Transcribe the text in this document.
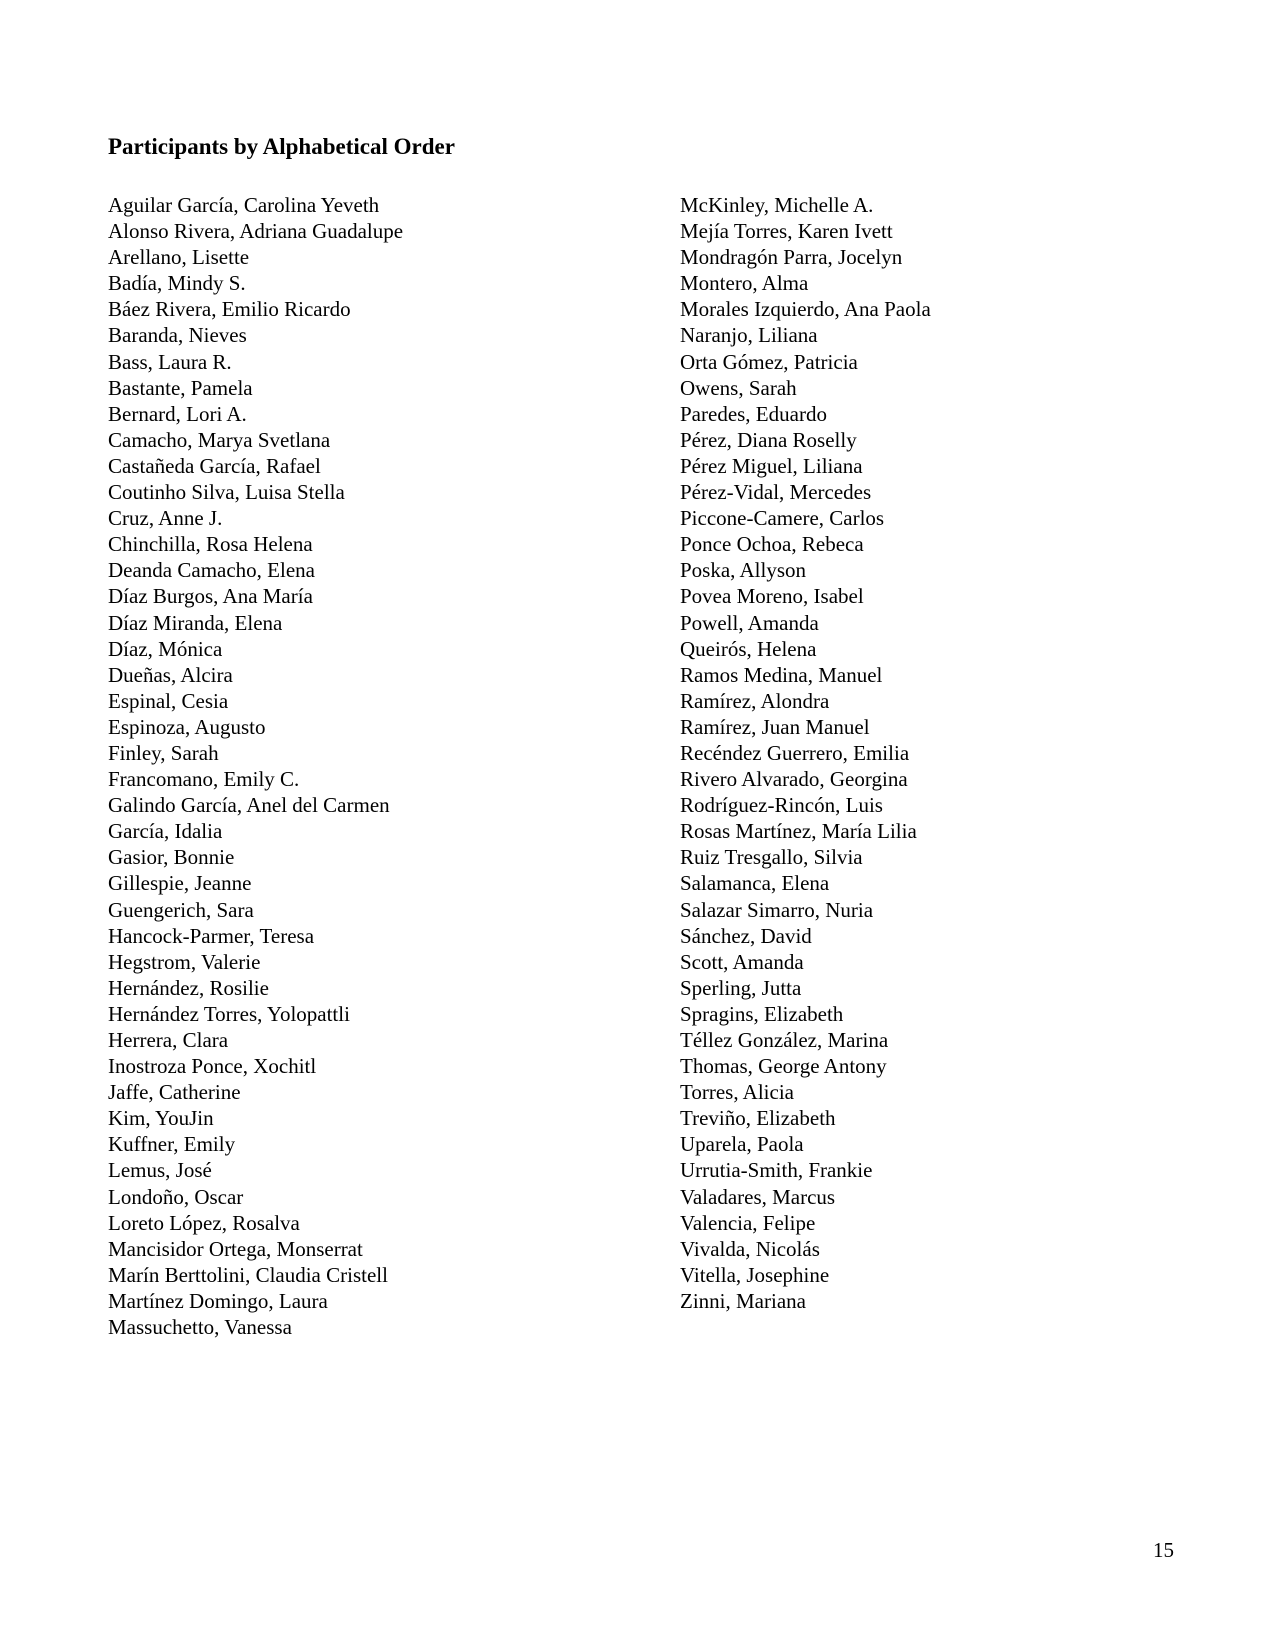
Participants by Alphabetical Order
Aguilar García, Carolina Yeveth
Alonso Rivera, Adriana Guadalupe
Arellano, Lisette
Badía, Mindy S.
Báez Rivera, Emilio Ricardo
Baranda, Nieves
Bass, Laura R.
Bastante, Pamela
Bernard, Lori A.
Camacho, Marya Svetlana
Castañeda García, Rafael
Coutinho Silva, Luisa Stella
Cruz, Anne J.
Chinchilla, Rosa Helena
Deanda Camacho, Elena
Díaz Burgos, Ana María
Díaz Miranda, Elena
Díaz, Mónica
Dueñas, Alcira
Espinal, Cesia
Espinoza, Augusto
Finley, Sarah
Francomano, Emily C.
Galindo García, Anel del Carmen
García, Idalia
Gasior, Bonnie
Gillespie, Jeanne
Guengerich, Sara
Hancock-Parmer, Teresa
Hegstrom, Valerie
Hernández, Rosilie
Hernández Torres, Yolopattli
Herrera, Clara
Inostroza Ponce, Xochitl
Jaffe, Catherine
Kim, YouJin
Kuffner, Emily
Lemus, José
Londoño, Oscar
Loreto López, Rosalva
Mancisidor Ortega, Monserrat
Marín Berttolini, Claudia Cristell
Martínez Domingo, Laura
Massuchetto, Vanessa
McKinley, Michelle A.
Mejía Torres, Karen Ivett
Mondragón Parra, Jocelyn
Montero, Alma
Morales Izquierdo, Ana Paola
Naranjo, Liliana
Orta Gómez, Patricia
Owens, Sarah
Paredes, Eduardo
Pérez, Diana Roselly
Pérez Miguel, Liliana
Pérez-Vidal, Mercedes
Piccone-Camere, Carlos
Ponce Ochoa, Rebeca
Poska, Allyson
Povea Moreno, Isabel
Powell, Amanda
Queirós, Helena
Ramos Medina, Manuel
Ramírez, Alondra
Ramírez, Juan Manuel
Recéndez Guerrero, Emilia
Rivero Alvarado, Georgina
Rodríguez-Rincón, Luis
Rosas Martínez, María Lilia
Ruiz Tresgallo, Silvia
Salamanca, Elena
Salazar Simarro, Nuria
Sánchez, David
Scott, Amanda
Sperling, Jutta
Spragins, Elizabeth
Téllez González, Marina
Thomas, George Antony
Torres, Alicia
Treviño, Elizabeth
Uparela, Paola
Urrutia-Smith, Frankie
Valadares, Marcus
Valencia, Felipe
Vivalda, Nicolás
Vitella, Josephine
Zinni, Mariana
15
